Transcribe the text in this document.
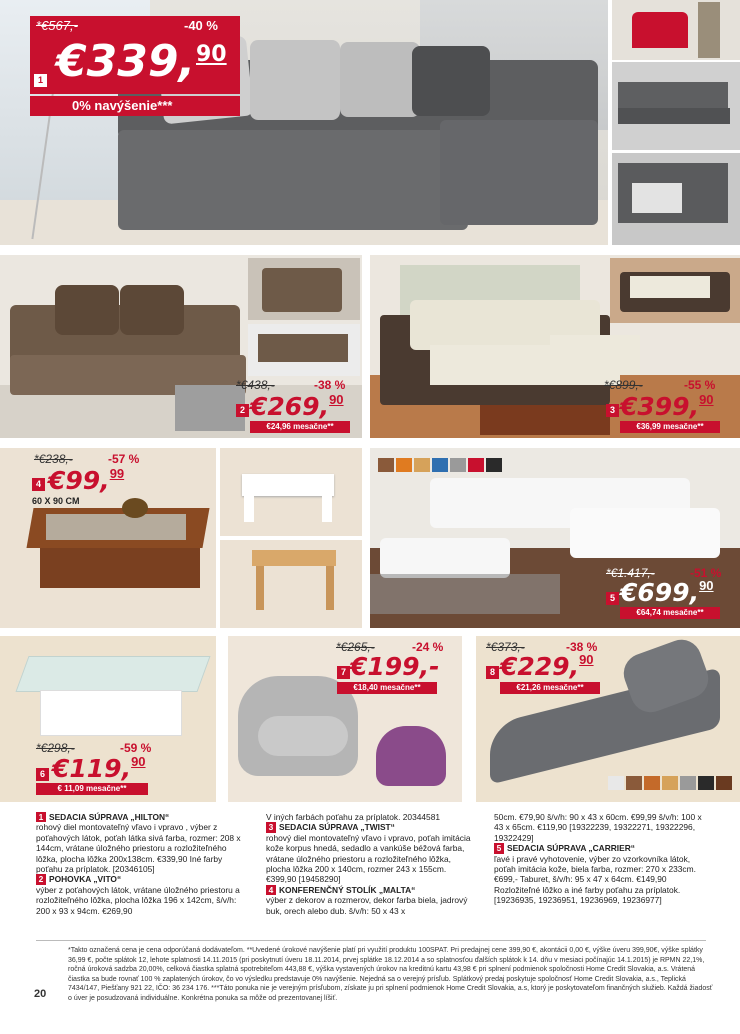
*€567,-	-40 %
1 €339, 90
0% navýšenie***
*€438,-	-38 %
2 €269,90
€24,96 mesačne**
*€899,-	-55 %
3 €399,90
€36,99 mesačne**
*€238,-	-57 %
4 €99,99
60 X 90 CM
*€1.417,-	-51 %
5 €699,90
€64,74 mesačne**
*€298,-	-59 %
6 €119,90
€ 11,09 mesačne**
*€265,-	-24 %
7 €199,-
€18,40 mesačne**
*€373,-	-38 %
8 €229,90
€21,26 mesačne**
1 SEDACIA SÚPRAVA „HILTON“
rohový diel montovateľný vľavo i vpravo , výber z poťahových látok, poťah látka sivá farba, rozmer: 208 x 144cm, vrátane úložného priestoru a rozložiteľného lôžka, plocha lôžka 200x138cm. €339,90 Iné farby poťahu za príplatok. [20346105]
2 POHOVKA „VITO“
výber z poťahových látok, vrátane úložného priestoru a rozložiteľného lôžka, plocha lôžka 196 x 142cm, š/v/h: 200 x 93 x 94cm. €269,90
V iných farbách poťahu za príplatok. 20344581
3 SEDACIA SÚPRAVA „TWIST“
rohový diel montovateľný vľavo i vpravo, poťah imitácia kože korpus hnedá, sedadlo a vankúše béžová farba, vrátane úložného priestoru a rozložiteľného lôžka, plocha lôžka 200 x 140cm, rozmer 243 x 155cm. €399,90 [19458290]
4 KONFERENČNÝ STOLÍK „MALTA“
výber z dekorov a rozmerov, dekor farba biela, jadrový buk, orech alebo dub. š/v/h: 50 x 43 x
50cm. €79,90 š/v/h: 90 x 43 x 60cm. €99,99 š/v/h: 100 x 43 x 65cm. €119,90 [19322239, 19322271, 19322296, 19322429]
5 SEDACIA SÚPRAVA „CARRIER“
ľavé i pravé vyhotovenie, výber zo vzorkovníka látok, poťah imitácia kože, biela farba, rozmer: 270 x 233cm. €699,- Taburet, š/v/h: 95 x 47 x 64cm. €149,90 Rozložiteľné lôžko a iné farby poťahu za príplatok. [19236935, 19236951, 19236969, 19236977]
*Takto označená cena je cena odporúčaná dodávateľom. **Uvedené úrokové navýšenie platí pri využití produktu 100SPAT. Pri predajnej cene 399,90 €, akontácii 0,00 €, výške úveru 399,90€, výške splátky 36,99 €, počte splátok 12, lehote splatnosti 14.11.2015 (pri poskytnutí úveru 18.11.2014, prvej splátke 18.12.2014 a so splatnosťou ďalších splátok k 14. dňu v mesiaci počínajúc 14.1.2015) je RPMN 22,1%, ročná úroková sadzba 20,00%, celková čiastka splatná spotrebiteľom 443,88 €, výška vystavených úrokov na kreditnú kartu 43,98 € pri splnení podmienok spoločnosti Home Credit Slovakia, a.s. Vrátená čiastka sa bude rovnať 100 % zaplatených úrokov, čo vo výsledku predstavuje 0% navýšenie. Nejedná sa o verejný prísľub. Splátkový predaj poskytuje spoločnosť Home Credit Slovakia, a.s., Teplická 7434/147, Piešťany 921 22, IČO: 36 234 176. ***Táto ponuka nie je verejným prísľubom, získate ju pri splnení podmienok Home Credit Slovakia, a.s, ktorý je poskytovateľom finančných služieb. Každá žiadosť o úver je posudzovaná individuálne. Konkrétna ponuka sa môže od prezentovanej líšiť.
20
